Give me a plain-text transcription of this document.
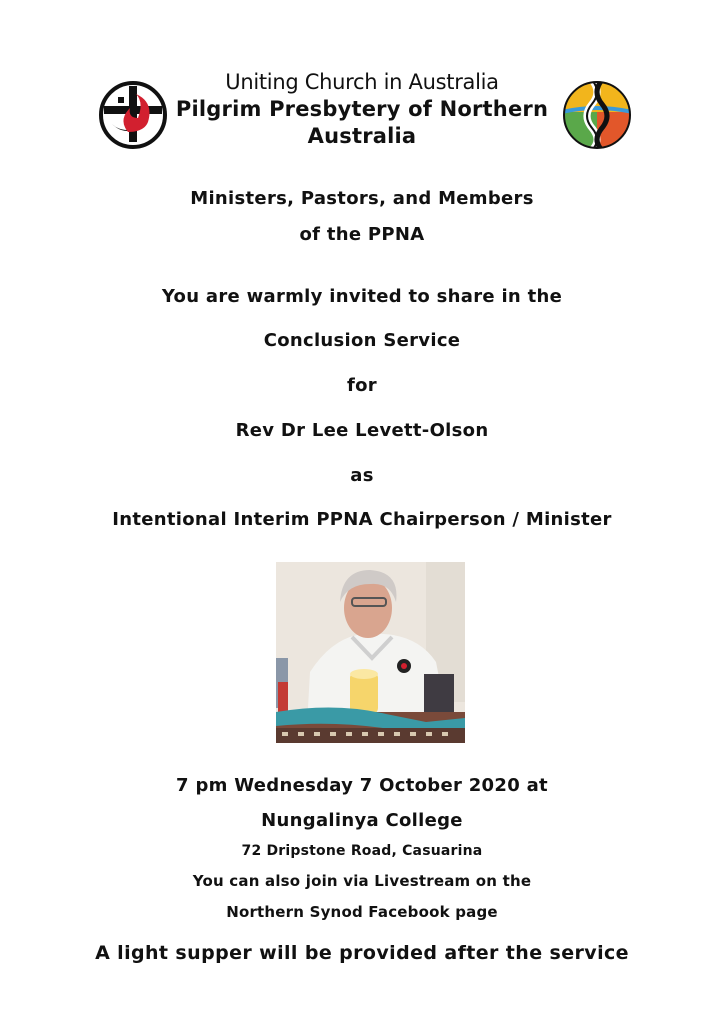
Uniting Church in Australia
Pilgrim Presbytery of Northern Australia
Ministers, Pastors, and Members
of the PPNA
You are warmly invited to share in the
Conclusion Service
for
Rev Dr Lee Levett-Olson
as
Intentional Interim PPNA Chairperson / Minister
7 pm Wednesday 7 October 2020 at
Nungalinya College
72 Dripstone Road, Casuarina
You can also join via Livestream on the
Northern Synod Facebook page
A light supper will be provided after the service
